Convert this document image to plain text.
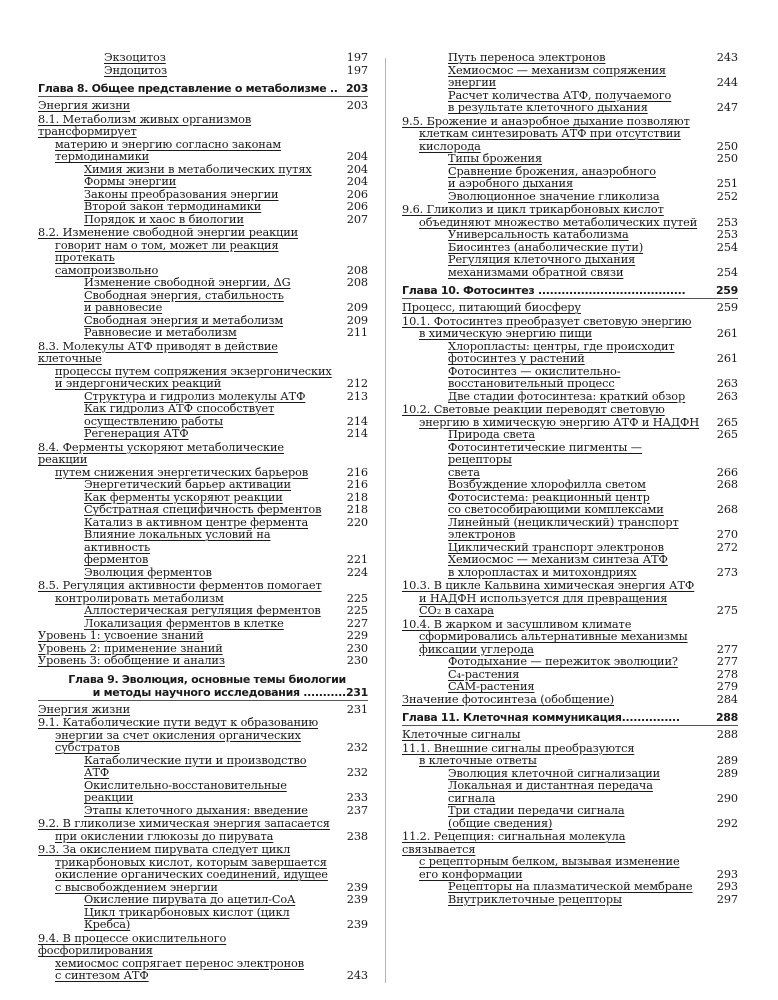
Экзоцитоз	197
Эндоцитоз	197
Глава 8. Общее представление о метаболизме .. 203
Энергия жизни	203
8.1. Метаболизм живых организмов трансформирует
материю и энергию согласно законам
термодинамики	204
Химия жизни в метаболических путях	204
Формы энергии	204
Законы преобразования энергии	206
Второй закон термодинамики	206
Порядок и хаос в биологии	207
8.2. Изменение свободной энергии реакции
говорит нам о том, может ли реакция протекать
самопроизвольно	208
Изменение свободной энергии, ΔG	208
Свободная энергия, стабильность
и равновесие	209
Свободная энергия и метаболизм	209
Равновесие и метаболизм	211
8.3. Молекулы АТФ приводят в действие клеточные
процессы путем сопряжения экзергонических
и эндергонических реакций	212
Структура и гидролиз молекулы АТФ	213
Как гидролиз АТФ способствует
осуществлению работы	214
Регенерация АТФ	214
8.4. Ферменты ускоряют метаболические реакции
путем снижения энергетических барьеров	216
Энергетический барьер активации	216
Как ферменты ускоряют реакции	218
Субстратная специфичность ферментов	218
Катализ в активном центре фермента	220
Влияние локальных условий на активность
ферментов	221
Эволюция ферментов	224
8.5. Регуляция активности ферментов помогает
контролировать метаболизм	225
Аллостерическая регуляция ферментов	225
Локализация ферментов в клетке	227
Уровень 1: усвоение знаний	229
Уровень 2: применение знаний	230
Уровень 3: обобщение и анализ	230
Глава 9. Эволюция, основные темы биологии
и методы научного исследования ........... 231
Энергия жизни	231
9.1. Катаболические пути ведут к образованию
энергии за счет окисления органических
субстратов	232
Катаболические пути и производство АТФ	232
Окислительно-восстановительные реакции	233
Этапы клеточного дыхания: введение	237
9.2. В гликолизе химическая энергия запасается
при окислении глюкозы до пирувата	238
9.3. За окислением пирувата следует цикл
трикарбоновых кислот, которым завершается
окисление органических соединений, идущее
с высвобождением энергии	239
Окисление пирувата до ацетил-CoA	239
Цикл трикарбоновых кислот (цикл Кребса)	239
9.4. В процессе окислительного фосфорилирования
хемиосмос сопрягает перенос электронов
с синтезом АТФ	243
Путь переноса электронов	243
Хемиосмос — механизм сопряжения энергии	244
Расчет количества АТФ, получаемого
в результате клеточного дыхания	247
9.5. Брожение и анаэробное дыхание позволяют
клеткам синтезировать АТФ при отсутствии
кислорода	250
Типы брожения	250
Сравнение брожения, анаэробного
и аэробного дыхания	251
Эволюционное значение гликолиза	252
9.6. Гликолиз и цикл трикарбоновых кислот
объединяют множество метаболических путей	253
Универсальность катаболизма	253
Биосинтез (анаболические пути)	254
Регуляция клеточного дыхания
механизмами обратной связи	254
Глава 10. Фотосинтез ......................................	259
Процесс, питающий биосферу	259
10.1. Фотосинтез преобразует световую энергию
в химическую энергию пищи	261
Хлоропласты: центры, где происходит
фотосинтез у растений	261
Фотосинтез — окислительно-
восстановительный процесс	263
Две стадии фотосинтеза: краткий обзор	263
10.2. Световые реакции переводят световую
энергию в химическую энергию АТФ и НАДФН	265
Природа света	265
Фотосинтетические пигменты — рецепторы
света	266
Возбуждение хлорофилла светом	268
Фотосистема: реакционный центр
со светособирающими комплексами	268
Линейный (нециклический) транспорт
электронов	270
Циклический транспорт электронов	272
Хемиосмос — механизм синтеза АТФ
в хлоропластах и митохондриях	273
10.3. В цикле Кальвина химическая энергия АТФ
и НАДФН используется для превращения
CO₂ в сахара	275
10.4. В жарком и засушливом климате
сформировались альтернативные механизмы
фиксации углерода	277
Фотодыхание — пережиток эволюции?	277
C₄-растения	278
CAM-растения	279
Значение фотосинтеза (обобщение)	284
Глава 11. Клеточная коммуникация...............	288
Клеточные сигналы	288
11.1. Внешние сигналы преобразуются
в клеточные ответы	289
Эволюция клеточной сигнализации	289
Локальная и дистантная передача сигнала	290
Три стадии передачи сигнала
(общие сведения)	292
11.2. Рецепция: сигнальная молекула связывается
с рецепторным белком, вызывая изменение
его конформации	293
Рецепторы на плазматической мембране	293
Внутриклеточные рецепторы	297
